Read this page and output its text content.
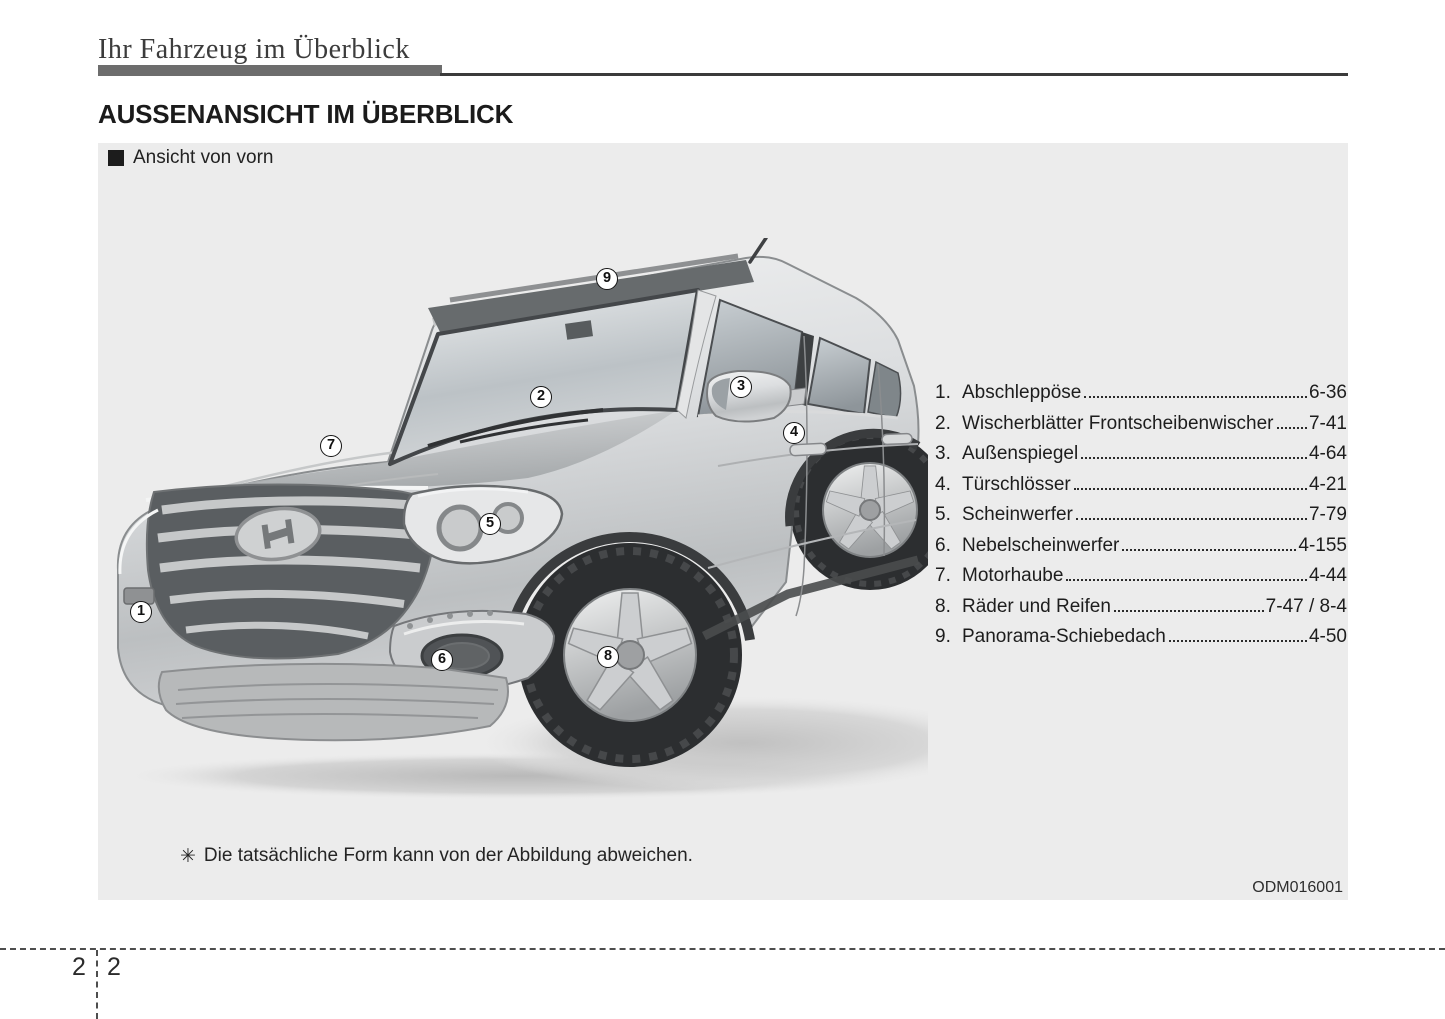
Ihr Fahrzeug im Überblick
AUSSENANSICHT IM ÜBERBLICK
Ansicht von vorn
1
2
3
4
5
6
7
8
9
1. Abschleppöse	6-36
2. Wischerblätter Frontscheibenwischer 7-41
3. Außenspiegel	4-64
4. Türschlösser	4-21
5. Scheinwerfer	7-79
6. Nebelscheinwerfer	4-155
7. Motorhaube	4-44
8. Räder und Reifen	7-47 / 8-4
9. Panorama-Schiebedach	4-50
✳ Die tatsächliche Form kann von der Abbildung abweichen.
ODM016001
2 2
